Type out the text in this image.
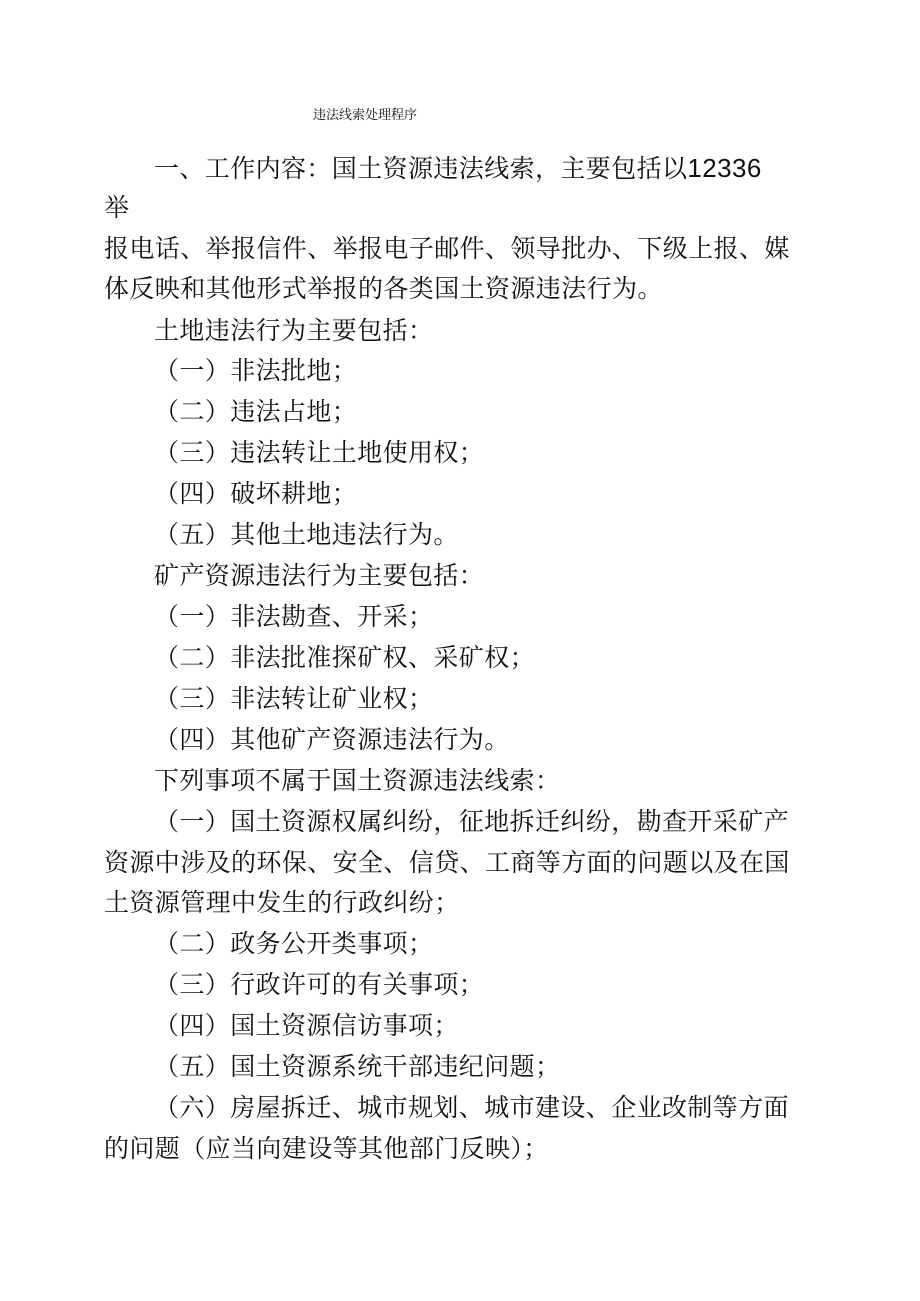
违法线索处理程序
一、工作内容：国土资源违法线索，主要包括以12336
举
报电话、举报信件、举报电子邮件、领导批办、下级上报、媒
体反映和其他形式举报的各类国土资源违法行为。
土地违法行为主要包括：
（一）非法批地；
（二）违法占地；
（三）违法转让土地使用权；
（四）破坏耕地；
（五）其他土地违法行为。
矿产资源违法行为主要包括：
（一）非法勘查、开采；
（二）非法批准探矿权、采矿权；
（三）非法转让矿业权；
（四）其他矿产资源违法行为。
下列事项不属于国土资源违法线索：
（一）国土资源权属纠纷，征地拆迁纠纷，勘查开采矿产
资源中涉及的环保、安全、信贷、工商等方面的问题以及在国
土资源管理中发生的行政纠纷；
（二）政务公开类事项；
（三）行政许可的有关事项；
（四）国土资源信访事项；
（五）国土资源系统干部违纪问题；
（六）房屋拆迁、城市规划、城市建设、企业改制等方面
的问题（应当向建设等其他部门反映）；
